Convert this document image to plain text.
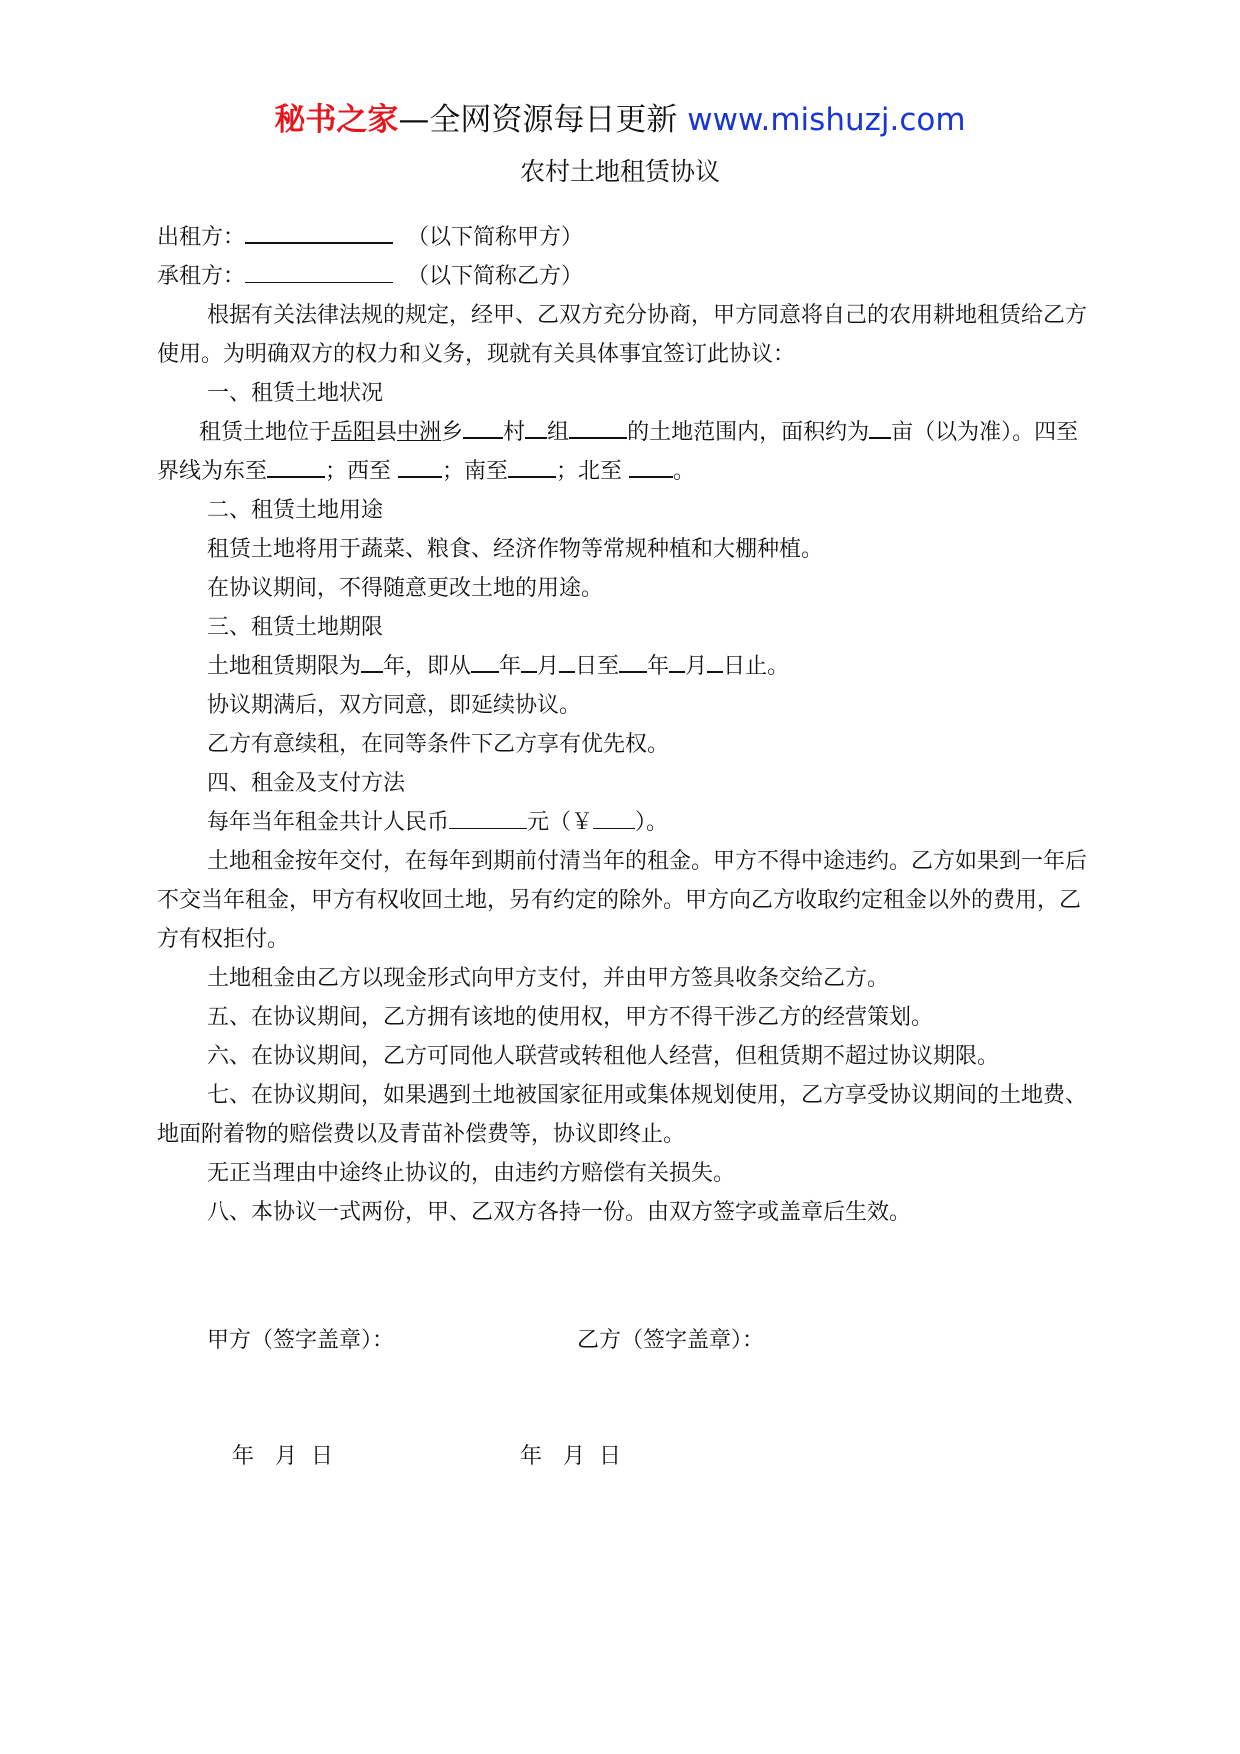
秘书之家—全网资源每日更新 www.mishuzj.com
农村土地租赁协议

出租方：	（以下简称甲方）

承租方：	（以下简称乙方）

根据有关法律法规的规定，经甲、乙双方充分协商，甲方同意将自己的农用耕地租赁给乙方使用。为明确双方的权力和义务，现就有关具体事宜签订此协议：

一、租赁土地状况

租赁土地位于岳阳县中洲乡 村 组	的土地范围内，面积约为 亩（以为准）。四至界线为东至	；西至 ；南至 ；北至 。

二、租赁土地用途

租赁土地将用于蔬菜、粮食、经济作物等常规种植和大棚种植。

在协议期间，不得随意更改土地的用途。

三、租赁土地期限

土地租赁期限为 年，即从 年 月 日至 年 月 日止。

协议期满后，双方同意，即延续协议。

乙方有意续租，在同等条件下乙方享有优先权。

四、租金及支付方法

每年当年租金共计人民币	元（￥ ）。

土地租金按年交付，在每年到期前付清当年的租金。甲方不得中途违约。乙方如果到一年后不交当年租金，甲方有权收回土地，另有约定的除外。甲方向乙方收取约定租金以外的费用，乙方有权拒付。

土地租金由乙方以现金形式向甲方支付，并由甲方签具收条交给乙方。

五、在协议期间，乙方拥有该地的使用权，甲方不得干涉乙方的经营策划。

六、在协议期间，乙方可同他人联营或转租他人经营，但租赁期不超过协议期限。

七、在协议期间，如果遇到土地被国家征用或集体规划使用，乙方享受协议期间的土地费、地面附着物的赔偿费以及青苗补偿费等，协议即终止。

无正当理由中途终止协议的，由违约方赔偿有关损失。

八、本协议一式两份，甲、乙双方各持一份。由双方签字或盖章后生效。

甲方（签字盖章）：	乙方（签字盖章）：
年   月  日	年   月  日
